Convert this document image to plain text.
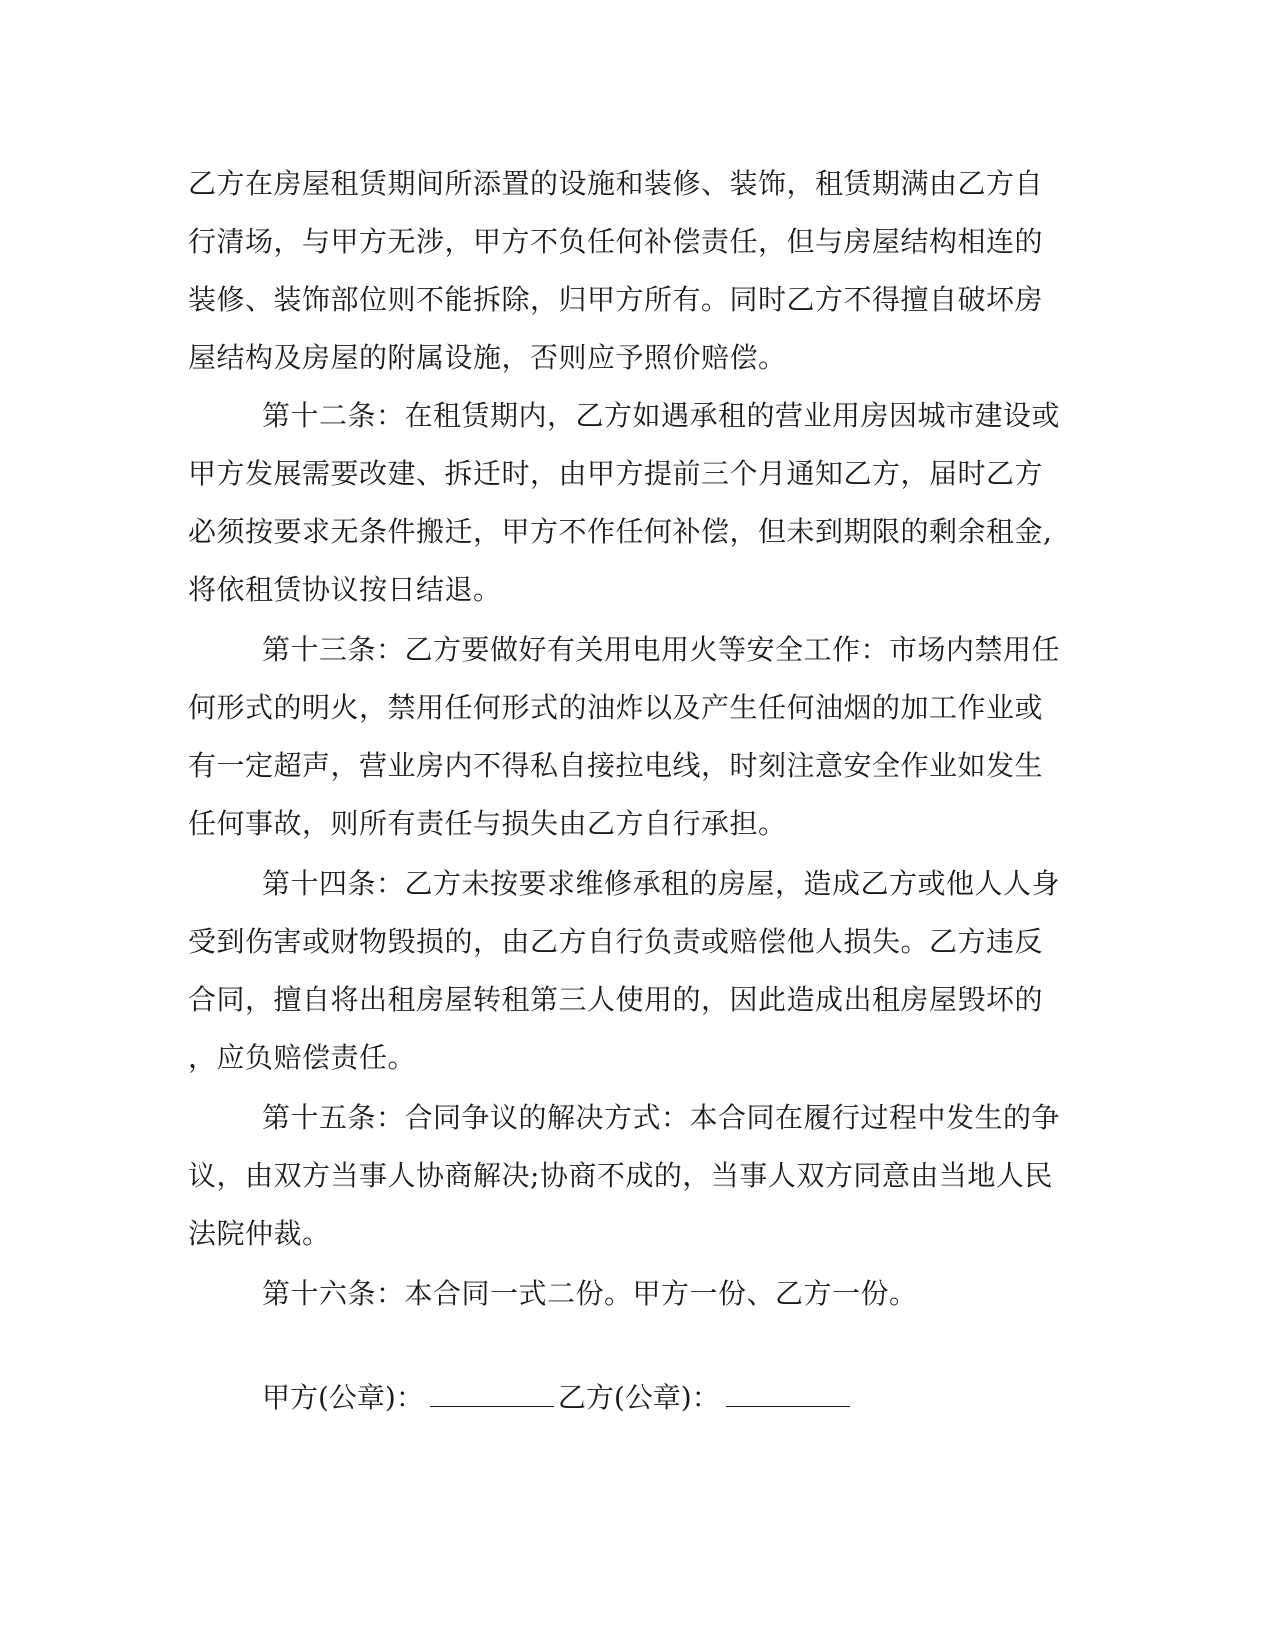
乙方在房屋租赁期间所添置的设施和装修、装饰，租赁期满由乙方自
行清场，与甲方无涉，甲方不负任何补偿责任，但与房屋结构相连的
装修、装饰部位则不能拆除，归甲方所有。同时乙方不得擅自破坏房
屋结构及房屋的附属设施，否则应予照价赔偿。
第十二条：在租赁期内，乙方如遇承租的营业用房因城市建设或
甲方发展需要改建、拆迁时，由甲方提前三个月通知乙方，届时乙方
必须按要求无条件搬迁，甲方不作任何补偿，但未到期限的剩余租金,
将依租赁协议按日结退。
第十三条：乙方要做好有关用电用火等安全工作：市场内禁用任
何形式的明火，禁用任何形式的油炸以及产生任何油烟的加工作业或
有一定超声，营业房内不得私自接拉电线，时刻注意安全作业如发生
任何事故，则所有责任与损失由乙方自行承担。
第十四条：乙方未按要求维修承租的房屋，造成乙方或他人人身
受到伤害或财物毁损的，由乙方自行负责或赔偿他人损失。乙方违反
合同，擅自将出租房屋转租第三人使用的，因此造成出租房屋毁坏的
，应负赔偿责任。
第十五条：合同争议的解决方式：本合同在履行过程中发生的争
议，由双方当事人协商解决;协商不成的，当事人双方同意由当地人民
法院仲裁。
第十六条：本合同一式二份。甲方一份、乙方一份。
甲方(公章)：	乙方(公章)：
